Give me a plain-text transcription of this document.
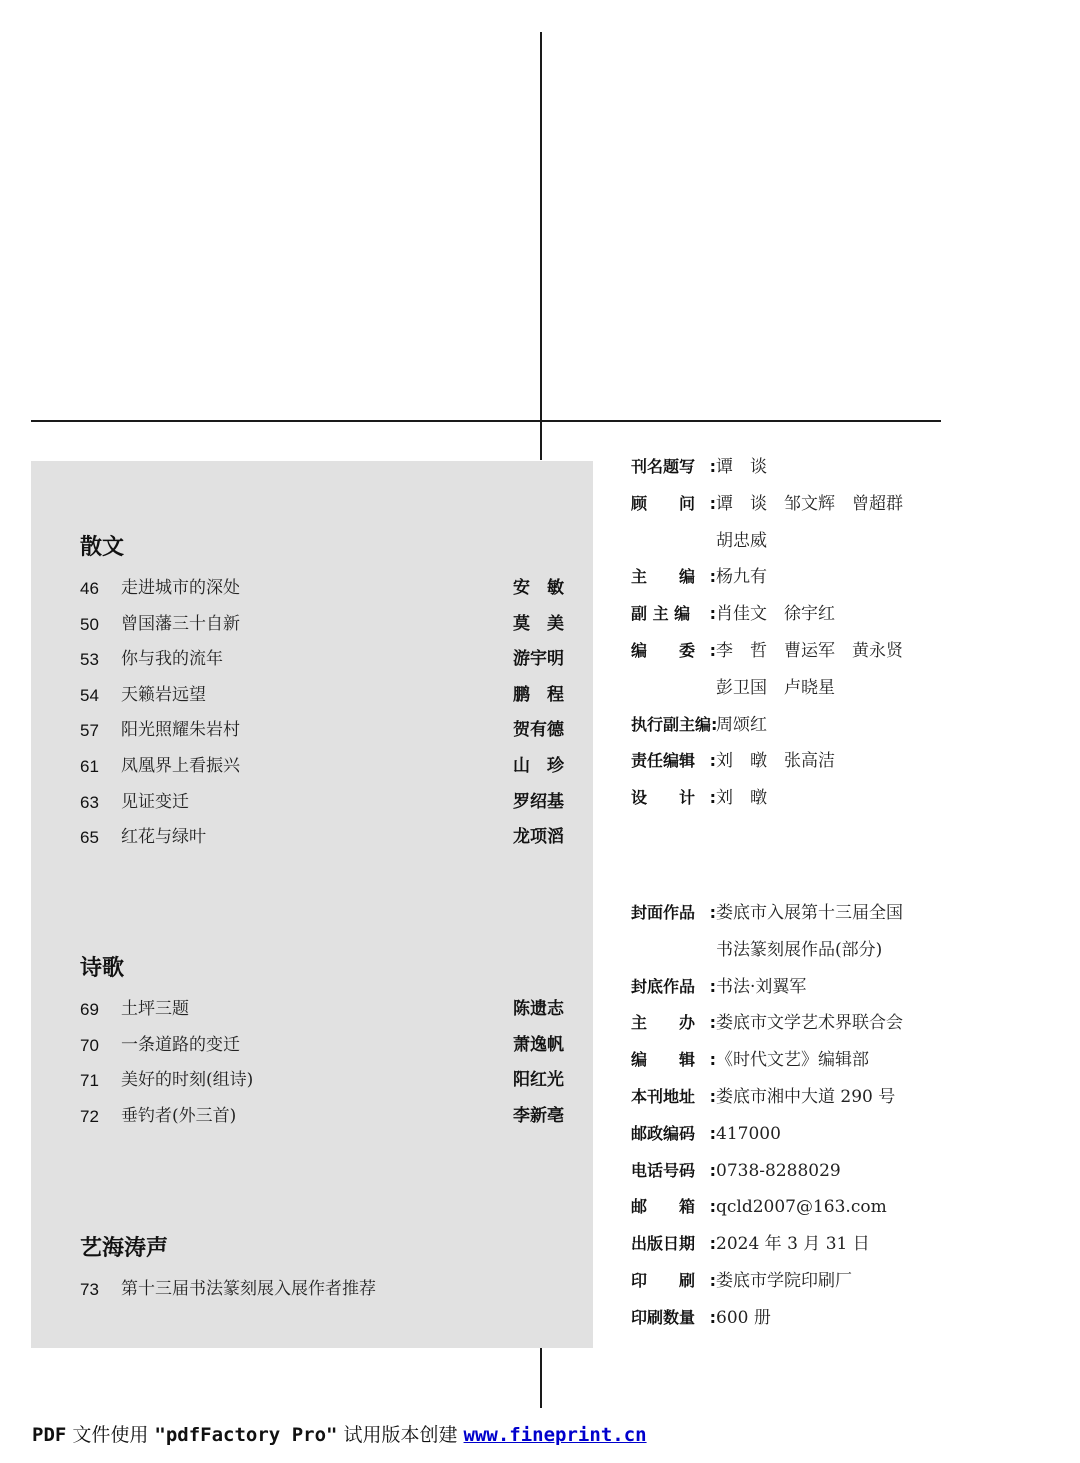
散文
46	走进城市的深处	安　敏
50	曾国藩三十自新	莫　美
53	你与我的流年	游宇明
54	天籁岩远望	鹏　程
57	阳光照耀朱岩村	贺有德
61	凤凰界上看振兴	山　珍
63	见证变迁	罗绍基
65	红花与绿叶	龙项滔
诗歌
69	土坪三题	陈遗志
70	一条道路的变迁	萧逸帆
71	美好的时刻(组诗)	阳红光
72	垂钓者(外三首)	李新亳
艺海涛声
73	第十三届书法篆刻展入展作者推荐
刊名题写 : 谭　谈
顾　　问 : 谭　谈　邹文辉　曾超群
胡忠威
主　　编 : 杨九有
副 主 编 : 肖佳文　徐宇红
编　　委 : 李　哲　曹运军　黄永贤
彭卫国　卢晓星
执行副主编 :
周颂红
责任编辑 : 刘　暾　张高洁
设　　计 : 刘　暾
封面作品 : 娄底市入展第十三届全国
书法篆刻展作品(部分)
封底作品 : 书法·刘翼军
主　　办 : 娄底市文学艺术界联合会
编　　辑 : 《时代文艺》编辑部
本刊地址 : 娄底市湘中大道 290 号
邮政编码 : 417000
电话号码 : 0738-8288029
邮　　箱 : qcld2007@163.com
出版日期 : 2024 年 3 月 31 日
印　　刷 : 娄底市学院印刷厂
印刷数量 : 600 册
PDF 文件使用 "pdfFactory Pro" 试用版本创建 www.fineprint.cn
